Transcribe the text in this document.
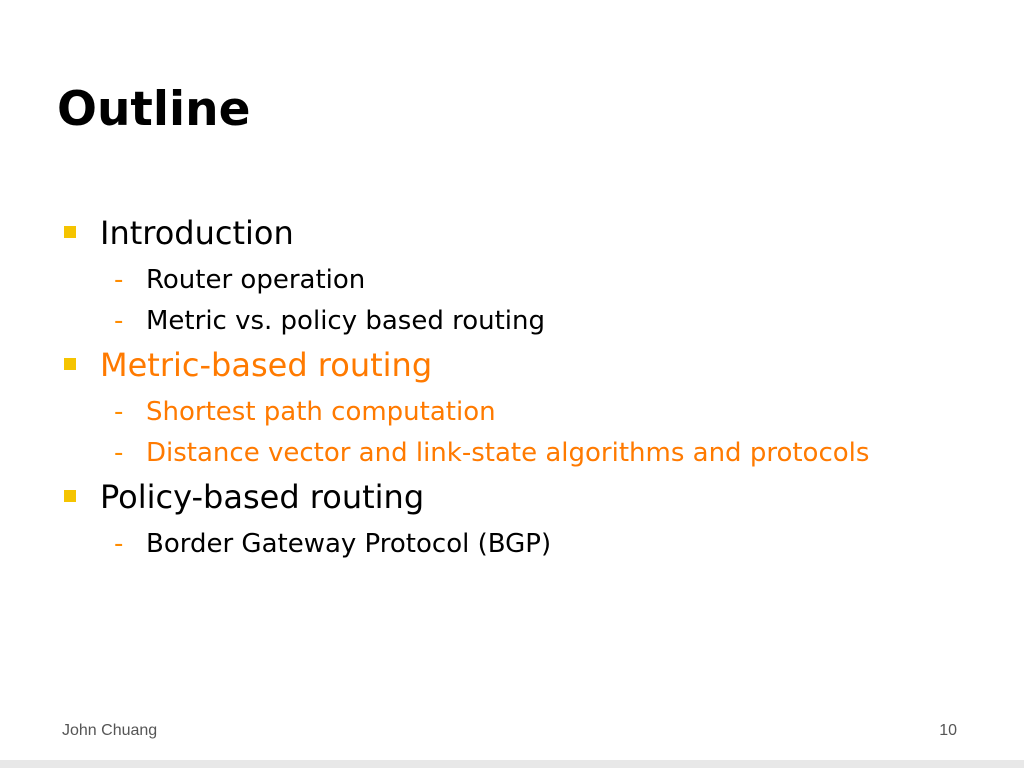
Outline
Introduction
- Router operation
- Metric vs. policy based routing
Metric-based routing
- Shortest path computation
- Distance vector and link-state algorithms and protocols
Policy-based routing
- Border Gateway Protocol (BGP)
John Chuang	10
